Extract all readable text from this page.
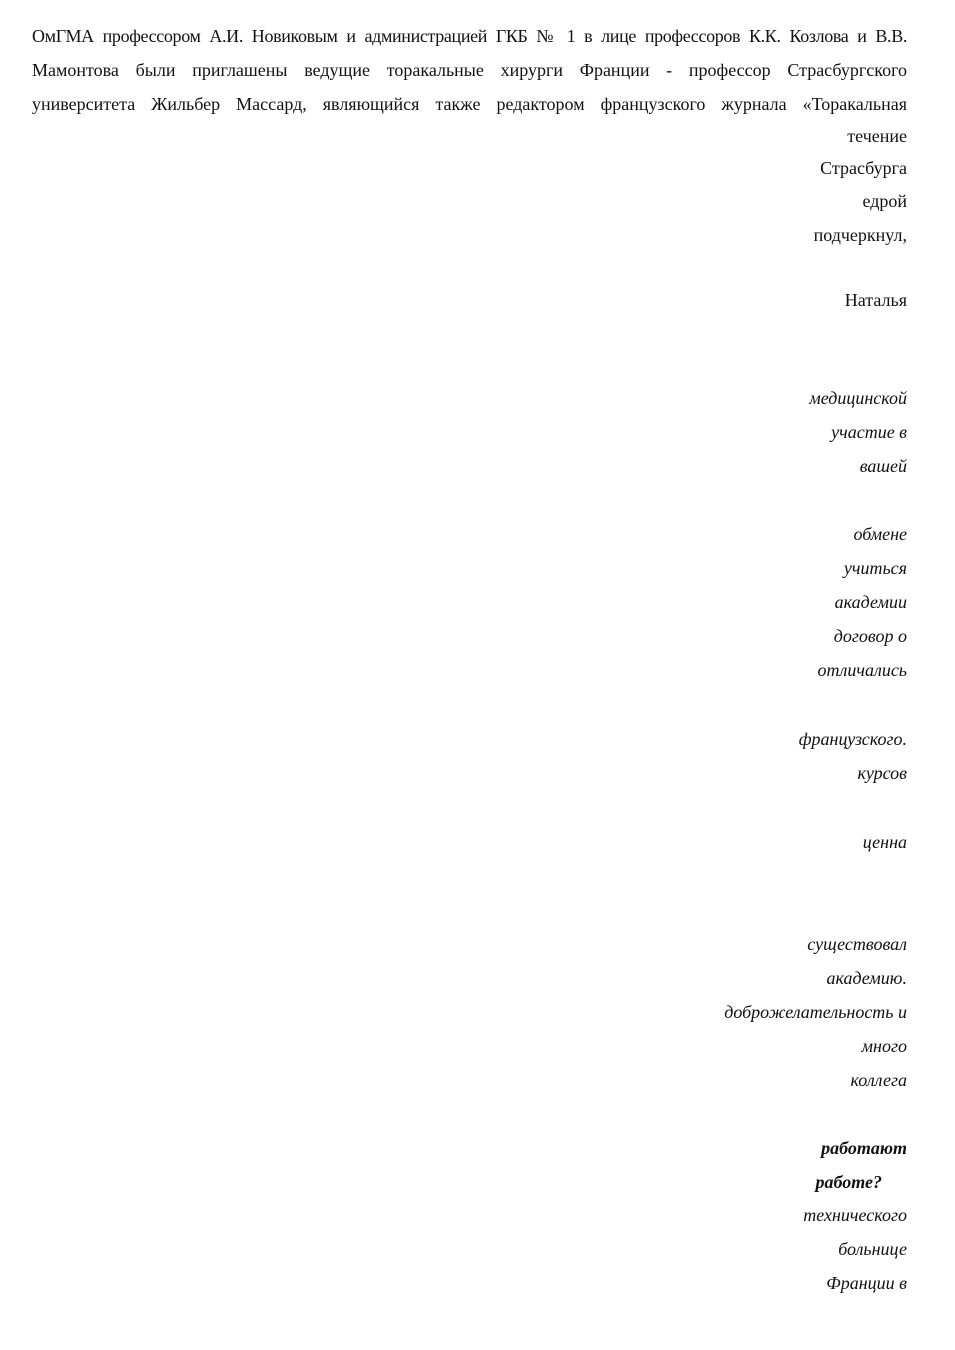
ОмГМА профессором А.И. Новиковым и администрацией ГКБ № 1 в лице профессоров К.К. Козлова и В.В.
Мамонтова были приглашены ведущие торакальные хирурги Франции - профессор Страсбургского
университета Жильбер Массард, являющийся также редактором французского журнала «Торакальная
течение
Страсбурга
едрой
подчеркнул,
Наталья
медицинской
участие в
вашей
обмене
учиться
академии
договор о
отличались
французского.
курсов
ценна
существовал
академию.
доброжелательность и
много
коллега
работают
работе?
технического
больнице
Франции в
